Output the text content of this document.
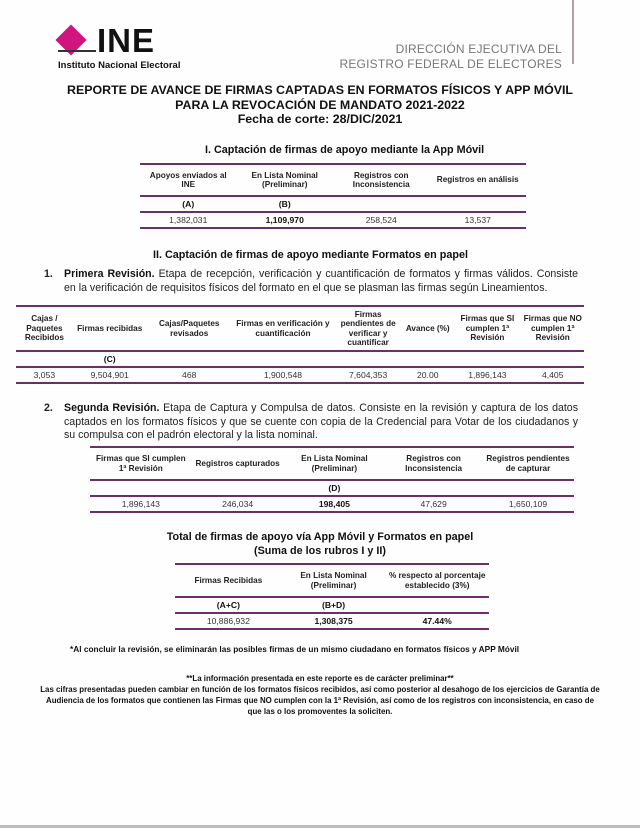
INE
Instituto Nacional Electoral
DIRECCIÓN EJECUTIVA DEL
REGISTRO FEDERAL DE ELECTORES
REPORTE DE AVANCE DE FIRMAS CAPTADAS EN FORMATOS FÍSICOS Y APP MÓVIL
PARA LA REVOCACIÓN DE MANDATO 2021-2022
Fecha de corte: 28/DIC/2021
I. Captación de firmas de apoyo mediante la App Móvil
Apoyos enviados al INE	En Lista Nominal (Preliminar)	Registros con Inconsistencia	Registros en análisis
(A)	(B)		
1,382,031	1,109,970	258,524	13,537
II. Captación de firmas de apoyo mediante Formatos en papel
1. Primera Revisión. Etapa de recepción, verificación y cuantificación de formatos y firmas válidos. Consiste en la verificación de requisitos físicos del formato en el que se plasman las firmas según Lineamientos.
Cajas / Paquetes Recibidos	Firmas recibidas	Cajas/Paquetes revisados	Firmas en verificación y cuantificación	Firmas pendientes de verificar y cuantificar	Avance (%)	Firmas que SI cumplen 1ª Revisión	Firmas que NO cumplen 1ª Revisión
	(C)						
3,053	9,504,901	468	1,900,548	7,604,353	20.00	1,896,143	4,405
2. Segunda Revisión. Etapa de Captura y Compulsa de datos. Consiste en la revisión y captura de los datos captados en los formatos físicos y que se cuente con copia de la Credencial para Votar de los ciudadanos y su compulsa con el padrón electoral y la lista nominal.
Firmas que SI cumplen 1ª Revisión	Registros capturados	En Lista Nominal (Preliminar)	Registros con Inconsistencia	Registros pendientes de capturar
		(D)		
1,896,143	246,034	198,405	47,629	1,650,109
Total de firmas de apoyo vía App Móvil y Formatos en papel
(Suma de los rubros I y II)
Firmas Recibidas	En Lista Nominal (Preliminar)	% respecto al porcentaje establecido (3%)
(A+C)	(B+D)	
10,886,932	1,308,375	47.44%
*Al concluir la revisión, se eliminarán las posibles firmas de un mismo ciudadano en formatos físicos y APP Móvil
**La información presentada en este reporte es de carácter preliminar**
Las cifras presentadas pueden cambiar en función de los formatos físicos recibidos, así como posterior al desahogo de los ejercicios de Garantía de Audiencia de los formatos que contienen las Firmas que NO cumplen con la 1ª Revisión, así como de los registros con inconsistencia, en caso de que las o los promoventes la soliciten.
